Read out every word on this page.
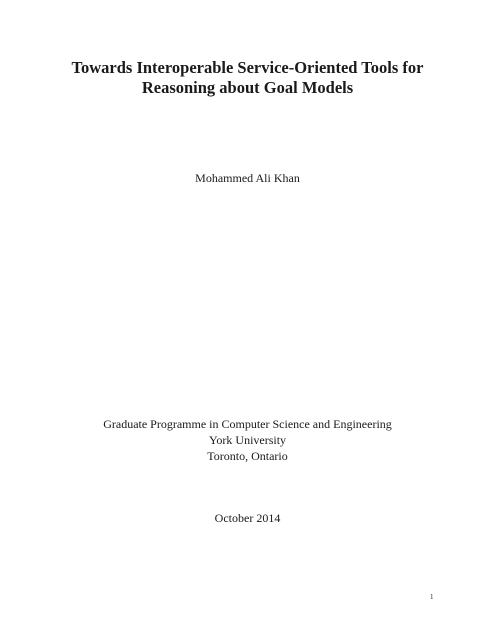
Towards Interoperable Service-Oriented Tools for
Reasoning about Goal Models

Mohammed Ali Khan

Graduate Programme in Computer Science and Engineering

York University

Toronto, Ontario

October 2014

1
